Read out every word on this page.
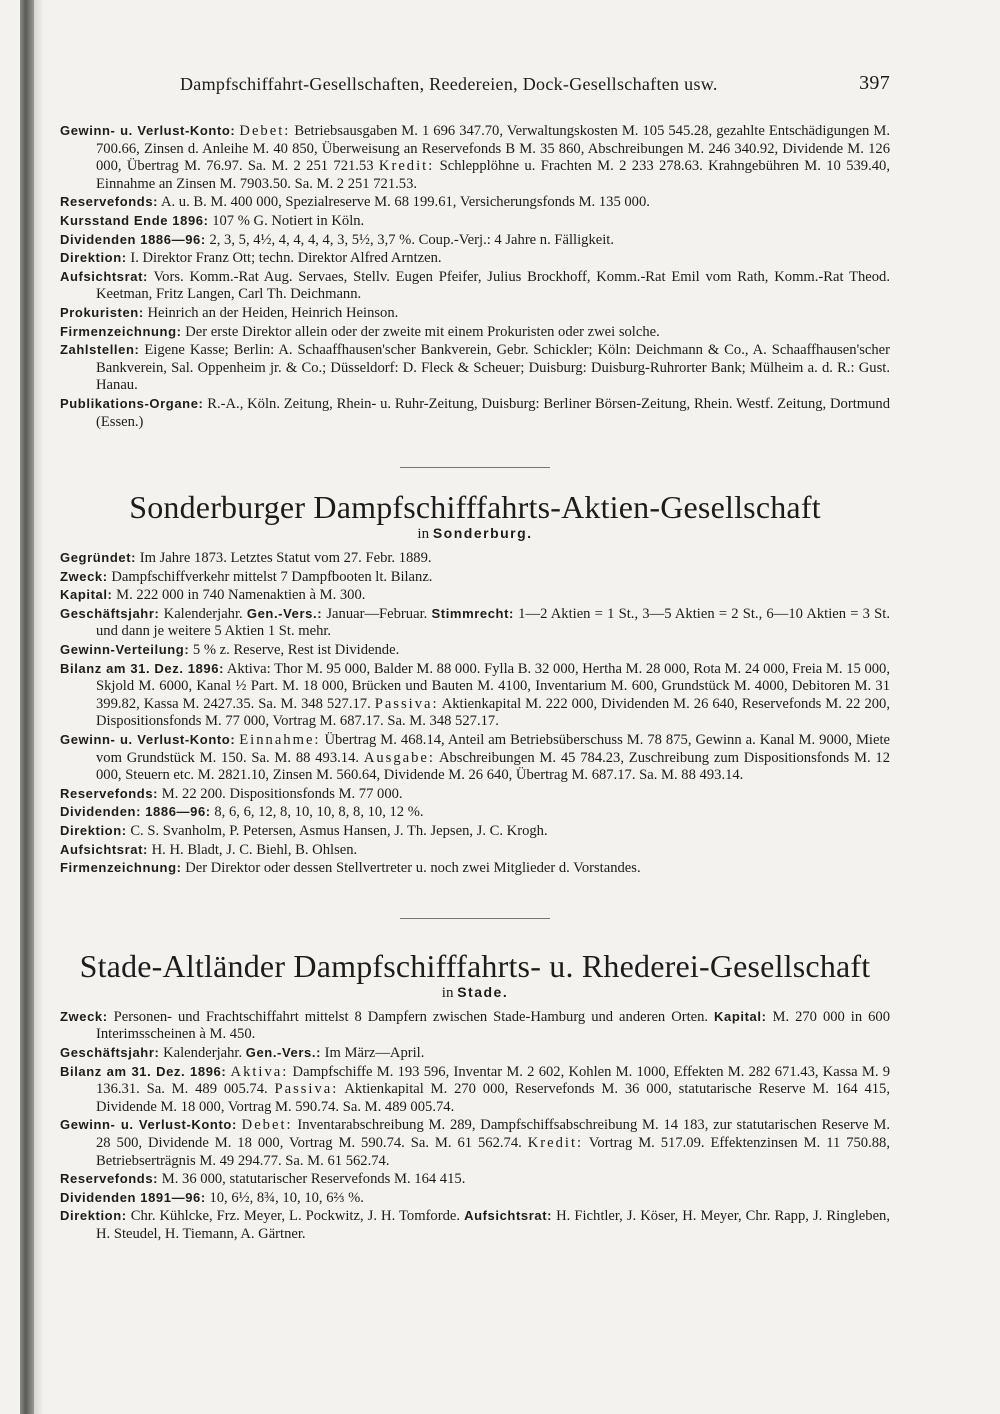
Dampfschiffahrt-Gesellschaften, Reedereien, Dock-Gesellschaften usw.	397

Gewinn- u. Verlust-Konto: Debet: Betriebsausgaben M. 1 696 347.70, Verwaltungskosten M. 105 545.28, gezahlte Entschädigungen M. 700.66, Zinsen d. Anleihe M. 40 850, Überweisung an Reservefonds B M. 35 860, Abschreibungen M. 246 340.92, Dividende M. 126 000, Übertrag M. 76.97. Sa. M. 2 251 721.53 Kredit: Schlepplöhne u. Frachten M. 2 233 278.63. Krahngebühren M. 10 539.40, Einnahme an Zinsen M. 7903.50. Sa. M. 2 251 721.53.

Reservefonds: A. u. B. M. 400 000, Spezialreserve M. 68 199.61, Versicherungsfonds M. 135 000.

Kursstand Ende 1896: 107 % G. Notiert in Köln.

Dividenden 1886—96: 2, 3, 5, 4½, 4, 4, 4, 4, 3, 5½, 3,7 %. Coup.-Verj.: 4 Jahre n. Fälligkeit.

Direktion: I. Direktor Franz Ott; techn. Direktor Alfred Arntzen.

Aufsichtsrat: Vors. Komm.-Rat Aug. Servaes, Stellv. Eugen Pfeifer, Julius Brockhoff, Komm.-Rat Emil vom Rath, Komm.-Rat Theod. Keetman, Fritz Langen, Carl Th. Deichmann.

Prokuristen: Heinrich an der Heiden, Heinrich Heinson.

Firmenzeichnung: Der erste Direktor allein oder der zweite mit einem Prokuristen oder zwei solche.

Zahlstellen: Eigene Kasse; Berlin: A. Schaaffhausen'scher Bankverein, Gebr. Schickler; Köln: Deichmann & Co., A. Schaaffhausen'scher Bankverein, Sal. Oppenheim jr. & Co.; Düsseldorf: D. Fleck & Scheuer; Duisburg: Duisburg-Ruhrorter Bank; Mülheim a. d. R.: Gust. Hanau.

Publikations-Organe: R.-A., Köln. Zeitung, Rhein- u. Ruhr-Zeitung, Duisburg: Berliner Börsen-Zeitung, Rhein. Westf. Zeitung, Dortmund (Essen.)

Sonderburger Dampfschifffahrts-Aktien-Gesellschaft
in Sonderburg.

Gegründet: Im Jahre 1873. Letztes Statut vom 27. Febr. 1889.

Zweck: Dampfschiffverkehr mittelst 7 Dampfbooten lt. Bilanz.

Kapital: M. 222 000 in 740 Namenaktien à M. 300.

Geschäftsjahr: Kalenderjahr. Gen.-Vers.: Januar—Februar. Stimmrecht: 1—2 Aktien = 1 St., 3—5 Aktien = 2 St., 6—10 Aktien = 3 St. und dann je weitere 5 Aktien 1 St. mehr.

Gewinn-Verteilung: 5 % z. Reserve, Rest ist Dividende.

Bilanz am 31. Dez. 1896: Aktiva: Thor M. 95 000, Balder M. 88 000. Fylla B. 32 000, Hertha M. 28 000, Rota M. 24 000, Freia M. 15 000, Skjold M. 6000, Kanal ½ Part. M. 18 000, Brücken und Bauten M. 4100, Inventarium M. 600, Grundstück M. 4000, Debitoren M. 31 399.82, Kassa M. 2427.35. Sa. M. 348 527.17. Passiva: Aktienkapital M. 222 000, Dividenden M. 26 640, Reservefonds M. 22 200, Dispositionsfonds M. 77 000, Vortrag M. 687.17. Sa. M. 348 527.17.

Gewinn- u. Verlust-Konto: Einnahme: Übertrag M. 468.14, Anteil am Betriebsüberschuss M. 78 875, Gewinn a. Kanal M. 9000, Miete vom Grundstück M. 150. Sa. M. 88 493.14. Ausgabe: Abschreibungen M. 45 784.23, Zuschreibung zum Dispositionsfonds M. 12 000, Steuern etc. M. 2821.10, Zinsen M. 560.64, Dividende M. 26 640, Übertrag M. 687.17. Sa. M. 88 493.14.

Reservefonds: M. 22 200. Dispositionsfonds M. 77 000.

Dividenden: 1886—96: 8, 6, 6, 12, 8, 10, 10, 8, 8, 10, 12 %.

Direktion: C. S. Svanholm, P. Petersen, Asmus Hansen, J. Th. Jepsen, J. C. Krogh.

Aufsichtsrat: H. H. Bladt, J. C. Biehl, B. Ohlsen.

Firmenzeichnung: Der Direktor oder dessen Stellvertreter u. noch zwei Mitglieder d. Vorstandes.

Stade-Altländer Dampfschifffahrts- u. Rhederei-Gesellschaft
in Stade.

Zweck: Personen- und Frachtschiffahrt mittelst 8 Dampfern zwischen Stade-Hamburg und anderen Orten. Kapital: M. 270 000 in 600 Interimsscheinen à M. 450.

Geschäftsjahr: Kalenderjahr. Gen.-Vers.: Im März—April.

Bilanz am 31. Dez. 1896: Aktiva: Dampfschiffe M. 193 596, Inventar M. 2 602, Kohlen M. 1000, Effekten M. 282 671.43, Kassa M. 9 136.31. Sa. M. 489 005.74. Passiva: Aktienkapital M. 270 000, Reservefonds M. 36 000, statutarische Reserve M. 164 415, Dividende M. 18 000, Vortrag M. 590.74. Sa. M. 489 005.74.

Gewinn- u. Verlust-Konto: Debet: Inventarabschreibung M. 289, Dampfschiffsabschreibung M. 14 183, zur statutarischen Reserve M. 28 500, Dividende M. 18 000, Vortrag M. 590.74. Sa. M. 61 562.74. Kredit: Vortrag M. 517.09. Effektenzinsen M. 11 750.88, Betriebserträgnis M. 49 294.77. Sa. M. 61 562.74.

Reservefonds: M. 36 000, statutarischer Reservefonds M. 164 415.

Dividenden 1891—96: 10, 6½, 8¾, 10, 10, 6⅔ %.

Direktion: Chr. Kühlcke, Frz. Meyer, L. Pockwitz, J. H. Tomforde. Aufsichtsrat: H. Fichtler, J. Köser, H. Meyer, Chr. Rapp, J. Ringleben, H. Steudel, H. Tiemann, A. Gärtner.
